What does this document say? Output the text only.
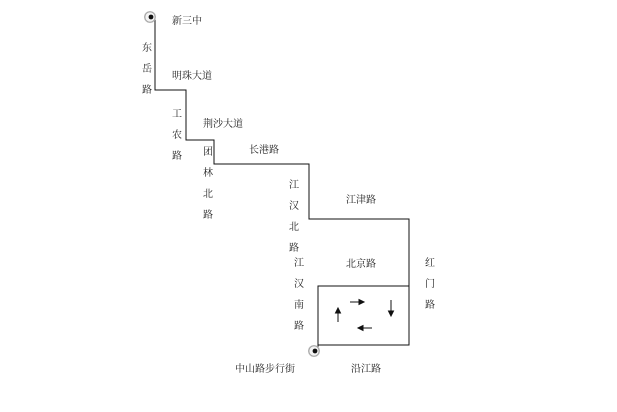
新三中
东岳路
明珠大道
工农路
荆沙大道
团林北路
长港路
江汉北路
江津路
北京路
江汉南路
红门路
中山路步行街	沿江路
